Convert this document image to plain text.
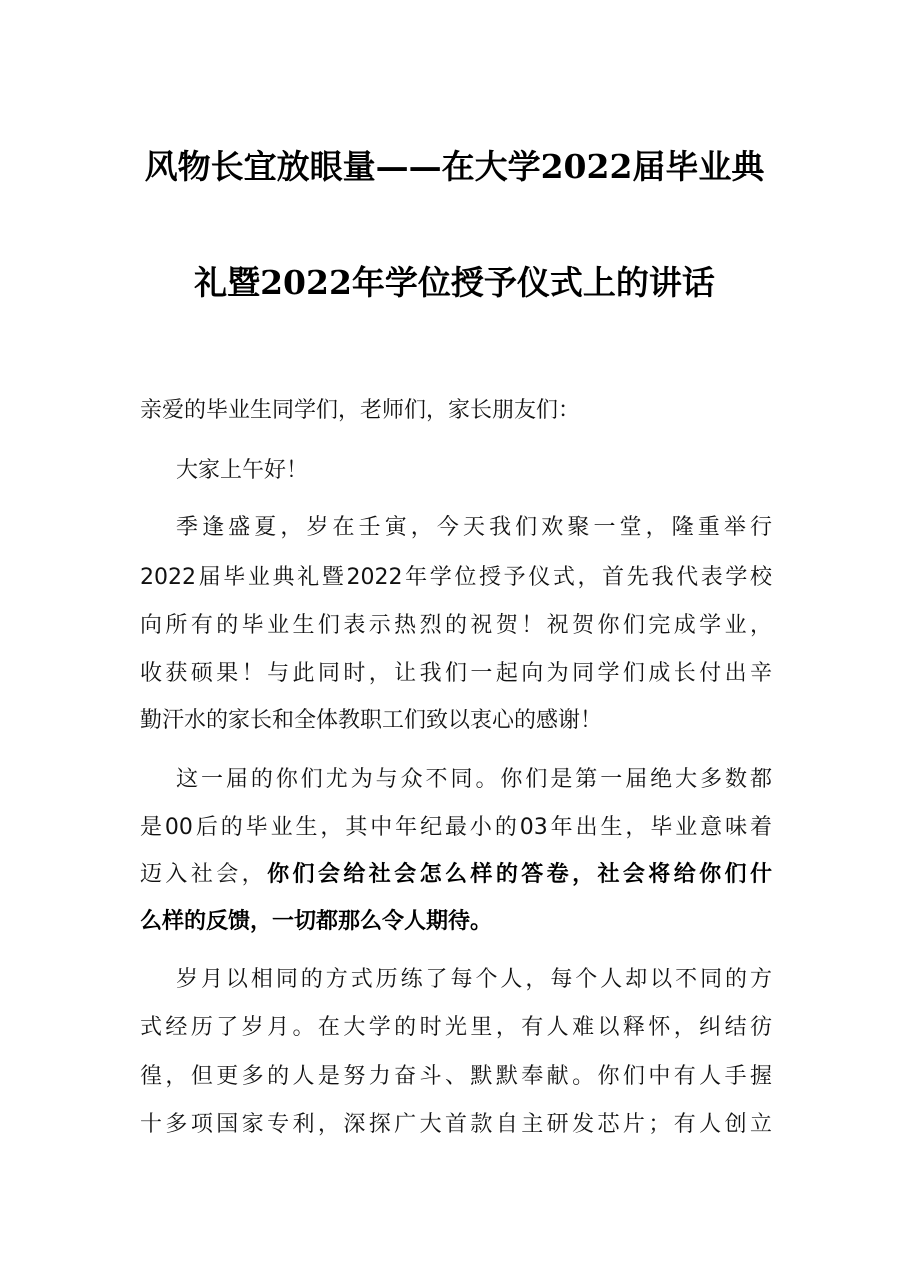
风物长宜放眼量——在大学2022届毕业典
礼暨2022年学位授予仪式上的讲话
亲爱的毕业生同学们，老师们，家长朋友们：
大家上午好！
季逢盛夏，岁在壬寅，今天我们欢聚一堂，隆重举行
2022届毕业典礼暨2022年学位授予仪式，首先我代表学校
向所有的毕业生们表示热烈的祝贺！祝贺你们完成学业，
收获硕果！与此同时，让我们一起向为同学们成长付出辛
勤汗水的家长和全体教职工们致以衷心的感谢！
这一届的你们尤为与众不同。你们是第一届绝大多数都
是00后的毕业生，其中年纪最小的03年出生，毕业意味着
迈入社会，你们会给社会怎么样的答卷，社会将给你们什
么样的反馈，一切都那么令人期待。
岁月以相同的方式历练了每个人，每个人却以不同的方
式经历了岁月。在大学的时光里，有人难以释怀，纠结彷
徨，但更多的人是努力奋斗、默默奉献。你们中有人手握
十多项国家专利，深探广大首款自主研发芯片；有人创立
